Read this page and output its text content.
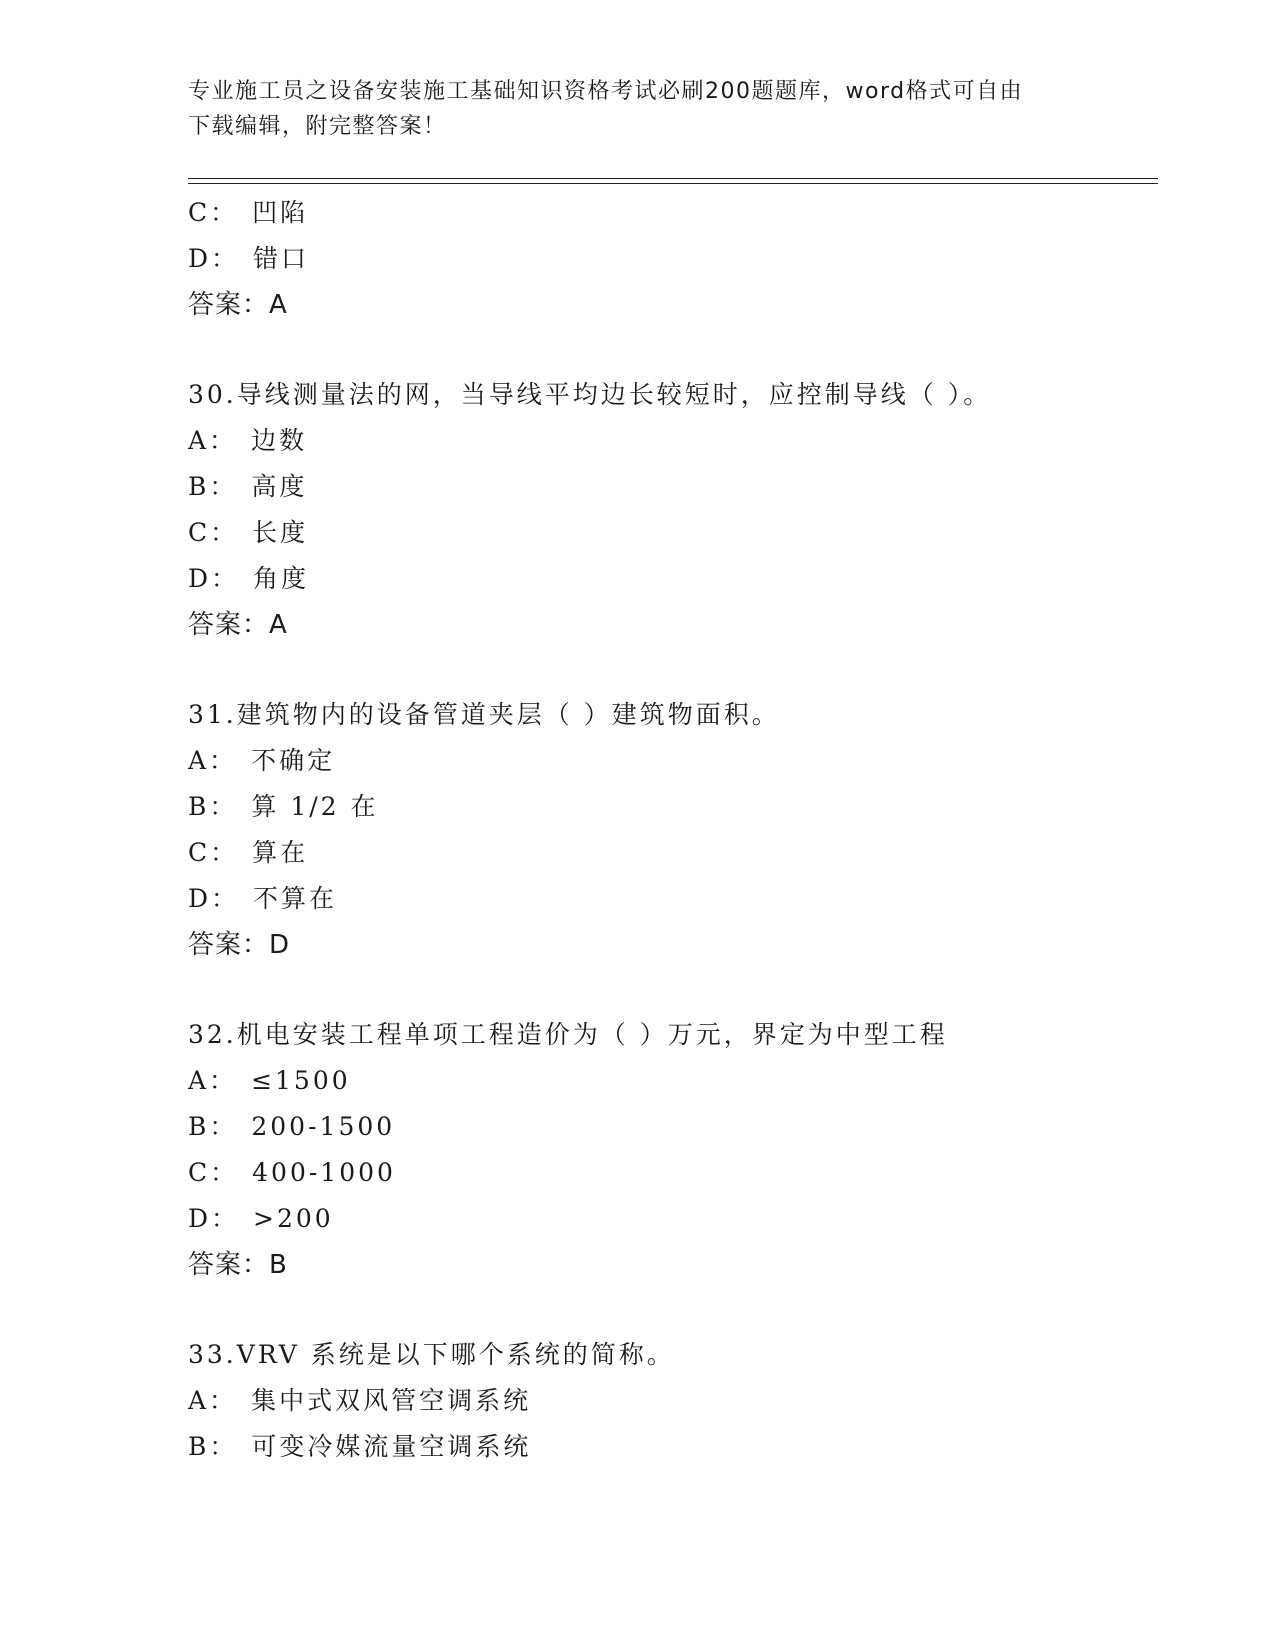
专业施工员之设备安装施工基础知识资格考试必刷200题题库，word格式可自由
下载编辑，附完整答案！
C： 凹陷
D： 错口
答案：A
30.导线测量法的网，当导线平均边长较短时，应控制导线（ ）。
A： 边数
B： 高度
C： 长度
D： 角度
答案：A
31.建筑物内的设备管道夹层（ ）建筑物面积。
A： 不确定
B： 算 1/2 在
C： 算在
D： 不算在
答案：D
32.机电安装工程单项工程造价为（ ）万元，界定为中型工程
A： ≤1500
B： 200-1500
C： 400-1000
D： >200
答案：B
33.VRV 系统是以下哪个系统的简称。
A： 集中式双风管空调系统
B： 可变冷媒流量空调系统
